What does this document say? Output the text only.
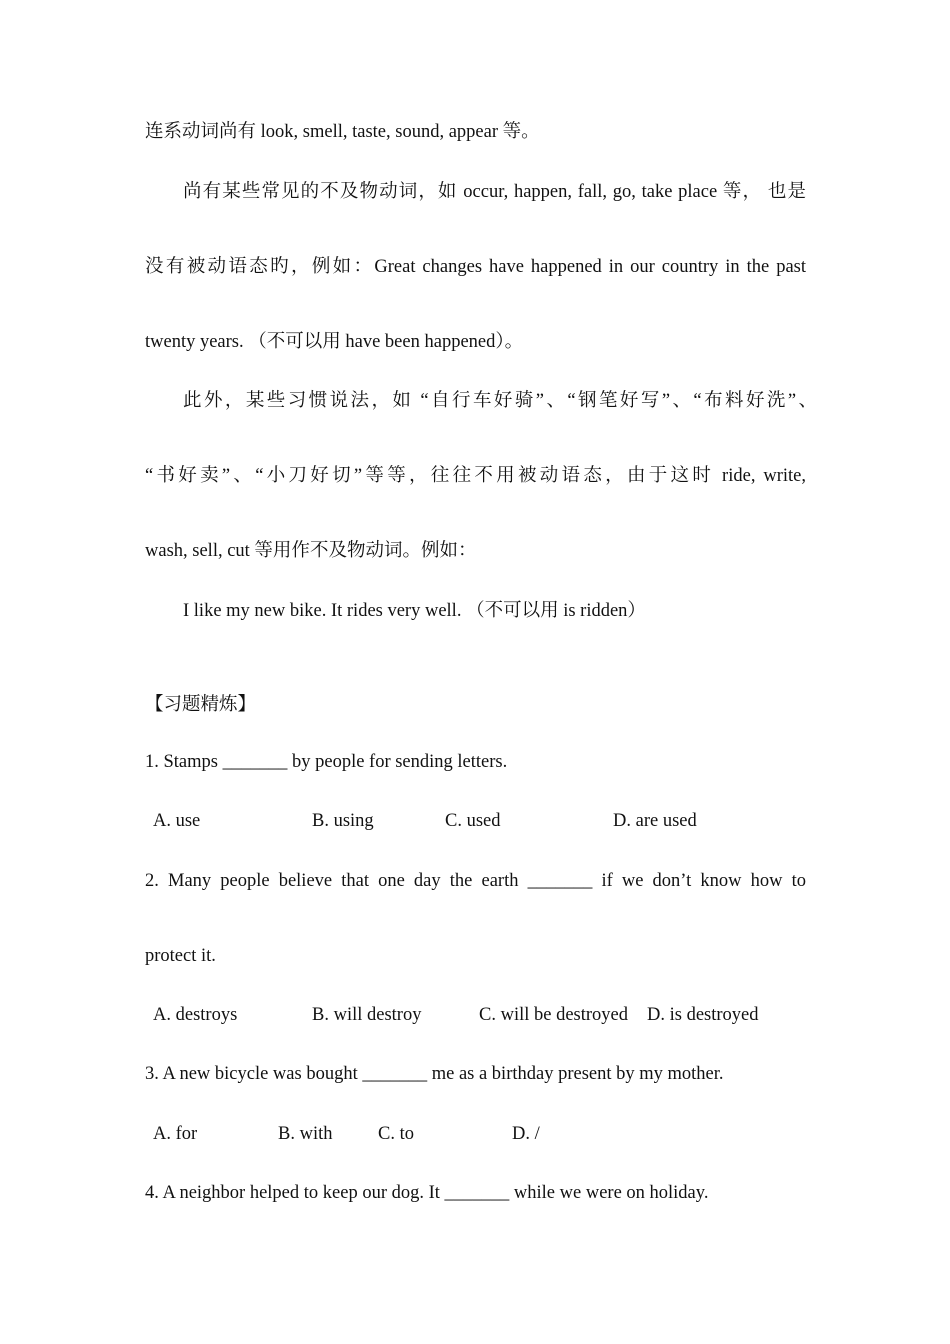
连系动词尚有 look, smell, taste, sound, appear 等。
尚有某些常见的不及物动词，如 occur, happen, fall, go, take place 等， 也是
没有被动语态旳，例如：Great changes have happened in our country in the past
twenty years. （不可以用 have been happened）。
此外，某些习惯说法，如 “自行车好骑”、“钢笔好写”、“布料好洗”、
“书好卖”、“小刀好切”等等，往往不用被动语态，由于这时 ride, write,
wash, sell, cut 等用作不及物动词。例如：
I like my new bike. It rides very well. （不可以用 is ridden）
【习题精炼】
1. Stamps _______ by people for sending letters.
A. use	B. using	C. used	D. are used
2. Many people believe that one day the earth _______ if we don’t know how to
protect it.
A. destroys	B. will destroy	C. will be destroyed D. is destroyed
3. A new bicycle was bought _______ me as a birthday present by my mother.
A. for	B. with C. to	D. /
4. A neighbor helped to keep our dog. It _______ while we were on holiday.
